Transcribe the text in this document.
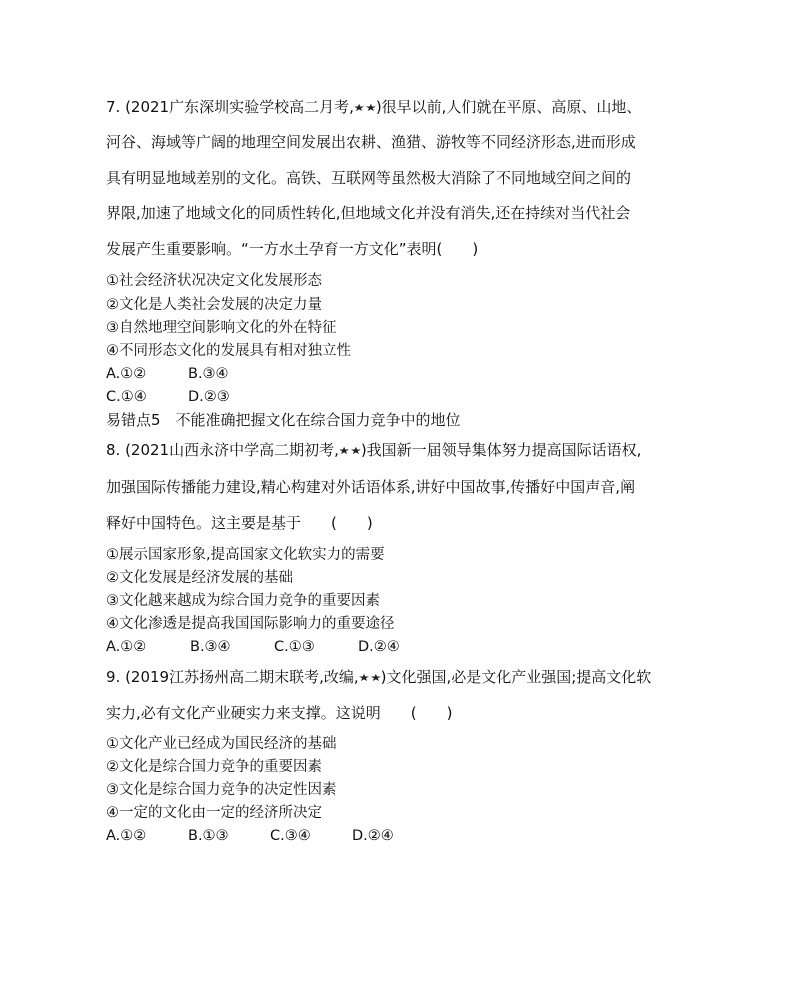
7. (2021广东深圳实验学校高二月考,★★)很早以前,人们就在平原、高原、山地、
河谷、海域等广阔的地理空间发展出农耕、渔猎、游牧等不同经济形态,进而形成
具有明显地域差别的文化。高铁、互联网等虽然极大消除了不同地域空间之间的
界限,加速了地域文化的同质性转化,但地域文化并没有消失,还在持续对当代社会
发展产生重要影响。“一方水土孕育一方文化”表明(　　)
①社会经济状况决定文化发展形态
②文化是人类社会发展的决定力量
③自然地理空间影响文化的外在特征
④不同形态文化的发展具有相对独立性
A.①②	B.③④
C.①④	D.②③
易错点5　不能准确把握文化在综合国力竞争中的地位
8. (2021山西永济中学高二期初考,★★)我国新一届领导集体努力提高国际话语权,
加强国际传播能力建设,精心构建对外话语体系,讲好中国故事,传播好中国声音,阐
释好中国特色。这主要是基于　　(　　)
①展示国家形象,提高国家文化软实力的需要
②文化发展是经济发展的基础
③文化越来越成为综合国力竞争的重要因素
④文化渗透是提高我国国际影响力的重要途径
A.①②	B.③④	C.①③	D.②④
9. (2019江苏扬州高二期末联考,改编,★★)文化强国,必是文化产业强国;提高文化软
实力,必有文化产业硬实力来支撑。这说明　　(　　)
①文化产业已经成为国民经济的基础
②文化是综合国力竞争的重要因素
③文化是综合国力竞争的决定性因素
④一定的文化由一定的经济所决定
A.①②	B.①③	C.③④	D.②④
